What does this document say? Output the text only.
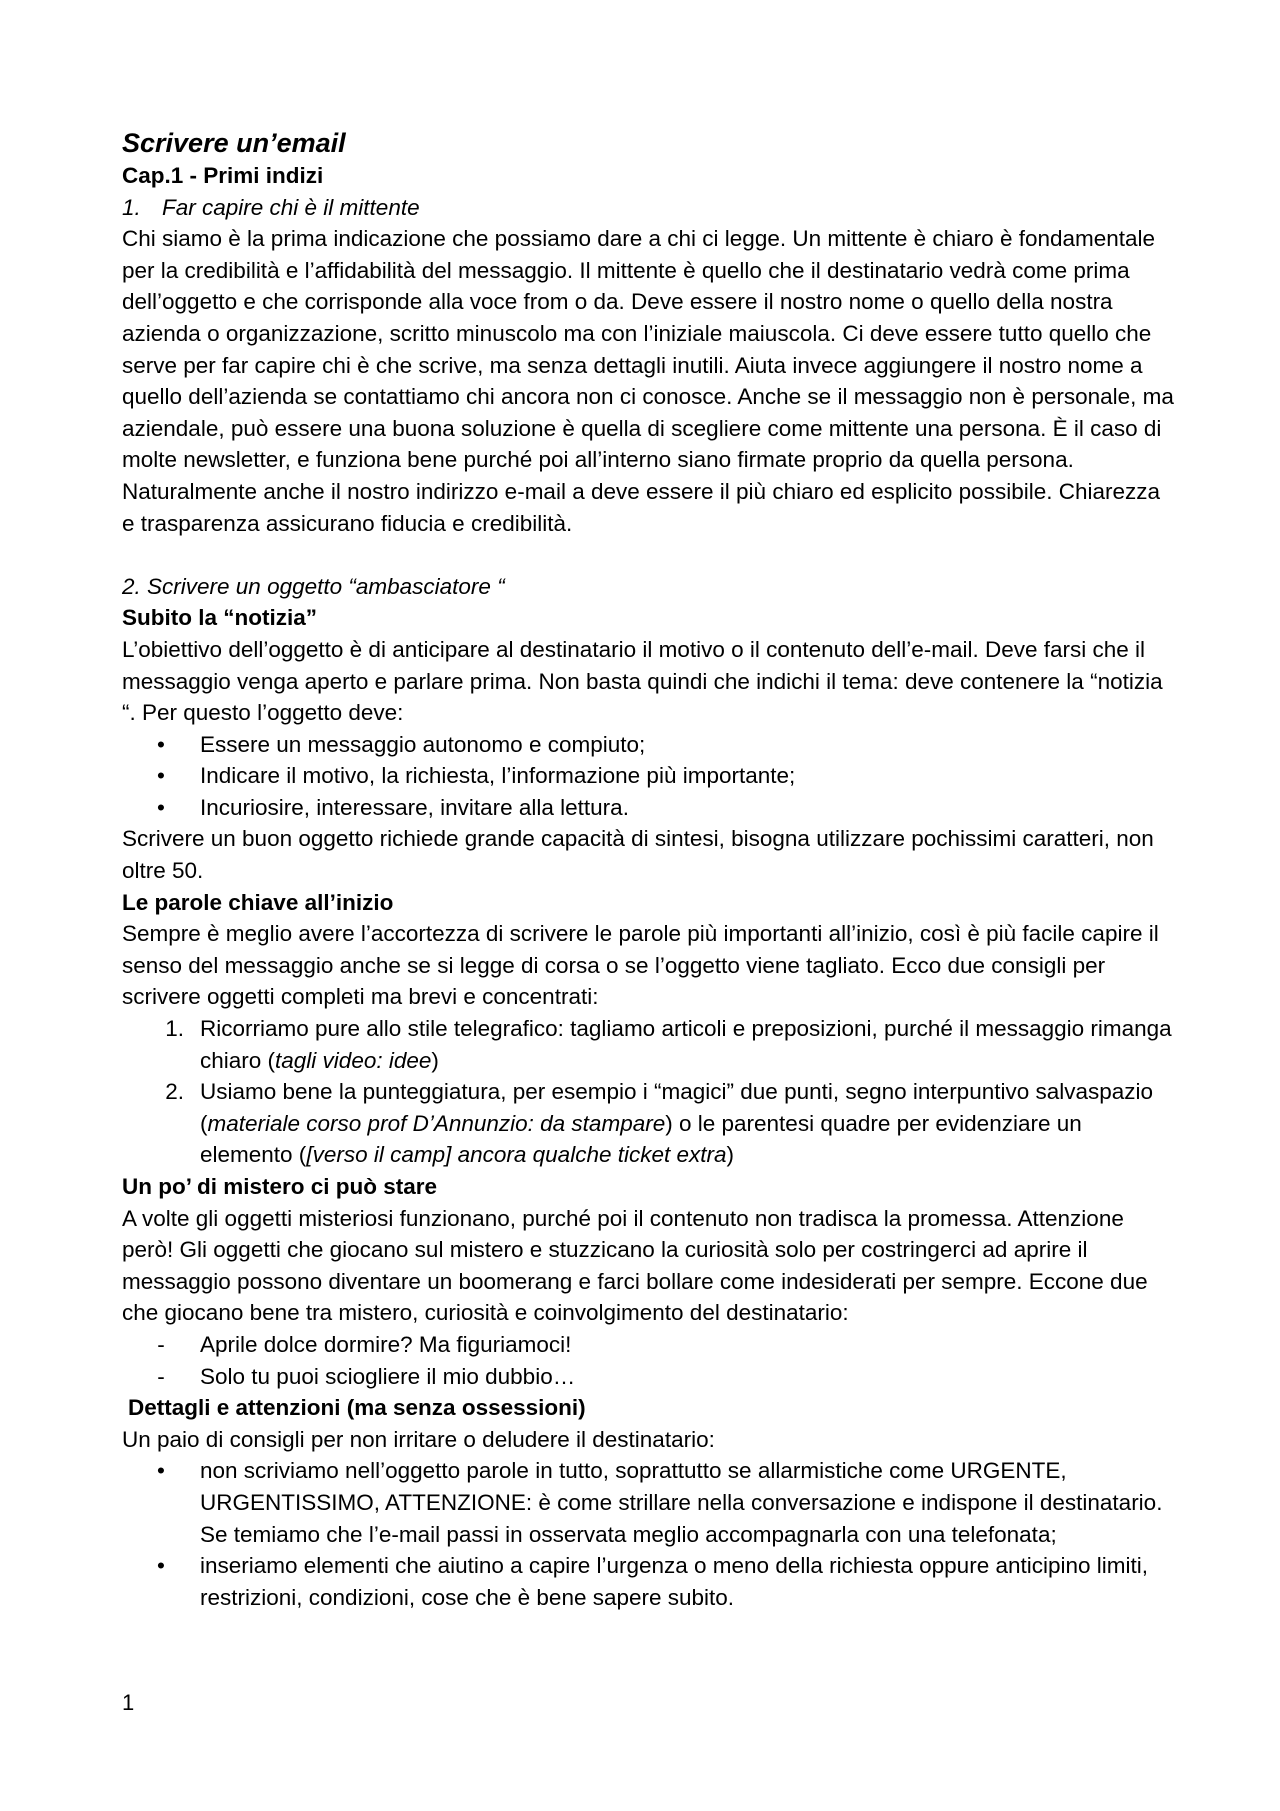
Scrivere un’email

Cap.1 - Primi indizi

1. Far capire chi è il mittente

Chi siamo è la prima indicazione che possiamo dare a chi ci legge. Un mittente è chiaro è fondamentale per la credibilità e l’affidabilità del messaggio. Il mittente è quello che il destinatario vedrà come prima dell’oggetto e che corrisponde alla voce from o da. Deve essere il nostro nome o quello della nostra azienda o organizzazione, scritto minuscolo ma con l’iniziale maiuscola. Ci deve essere tutto quello che serve per far capire chi è che scrive, ma senza dettagli inutili. Aiuta invece aggiungere il nostro nome a quello dell’azienda se contattiamo chi ancora non ci conosce. Anche se il messaggio non è personale, ma aziendale, può essere una buona soluzione è quella di scegliere come mittente una persona. È il caso di molte newsletter, e funziona bene purché poi all’interno siano firmate proprio da quella persona. Naturalmente anche il nostro indirizzo e-mail a deve essere il più chiaro ed esplicito possibile. Chiarezza e trasparenza assicurano fiducia e credibilità.

2. Scrivere un oggetto “ambasciatore “

Subito la “notizia”

L’obiettivo dell’oggetto è di anticipare al destinatario il motivo o il contenuto dell’e-mail. Deve farsi che il messaggio venga aperto e parlare prima. Non basta quindi che indichi il tema: deve contenere la “notizia “. Per questo l’oggetto deve:

•	Essere un messaggio autonomo e compiuto;
•	Indicare il motivo, la richiesta, l’informazione più importante;
•	Incuriosire, interessare, invitare alla lettura.

Scrivere un buon oggetto richiede grande capacità di sintesi, bisogna utilizzare pochissimi caratteri, non oltre 50.

Le parole chiave all’inizio

Sempre è meglio avere l’accortezza di scrivere le parole più importanti all’inizio, così è più facile capire il senso del messaggio anche se si legge di corsa o se l’oggetto viene tagliato. Ecco due consigli per scrivere oggetti completi ma brevi e concentrati:

1. Ricorriamo pure allo stile telegrafico: tagliamo articoli e preposizioni, purché il messaggio rimanga chiaro (tagli video: idee)
2. Usiamo bene la punteggiatura, per esempio i “magici” due punti, segno interpuntivo salvaspazio (materiale corso prof D’Annunzio: da stampare) o le parentesi quadre per evidenziare un elemento ([verso il camp] ancora qualche ticket extra)

Un po’ di mistero ci può stare

A volte gli oggetti misteriosi funzionano, purché poi il contenuto non tradisca la promessa. Attenzione però! Gli oggetti che giocano sul mistero e stuzzicano la curiosità solo per costringerci ad aprire il messaggio possono diventare un boomerang e farci bollare come indesiderati per sempre. Eccone due che giocano bene tra mistero, curiosità e coinvolgimento del destinatario:

-	Aprile dolce dormire? Ma figuriamoci!
-	Solo tu puoi sciogliere il mio dubbio…

Dettagli e attenzioni (ma senza ossessioni)

Un paio di consigli per non irritare o deludere il destinatario:

•	non scriviamo nell’oggetto parole in tutto, soprattutto se allarmistiche come URGENTE, URGENTISSIMO, ATTENZIONE: è come strillare nella conversazione e indispone il destinatario. Se temiamo che l’e-mail passi in osservata meglio accompagnarla con una telefonata;
•	inseriamo elementi che aiutino a capire l’urgenza o meno della richiesta oppure anticipino limiti, restrizioni, condizioni, cose che è bene sapere subito.
1
